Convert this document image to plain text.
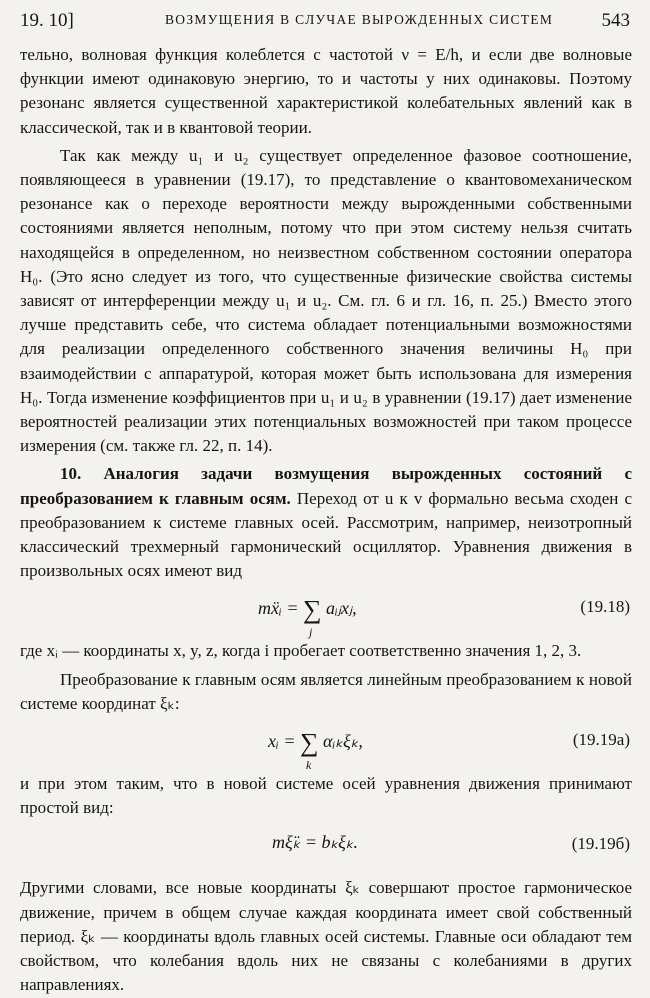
19. 10]	ВОЗМУЩЕНИЯ В СЛУЧАЕ ВЫРОЖДЕННЫХ СИСТЕМ	543

тельно, волновая функция колеблется с частотой ν = E/h, и если две волновые функции имеют одинаковую энергию, то и частоты у них одинаковы. Поэтому резонанс является существенной характеристикой колебательных явлений как в классической, так и в квантовой теории.

Так как между u₁ и u₂ существует определенное фазовое соотношение, появляющееся в уравнении (19.17), то представление о квантовомеханическом резонансе как о переходе вероятности между вырожденными собственными состояниями является неполным, потому что при этом систему нельзя считать находящейся в определенном, но неизвестном собственном состоянии оператора H₀. (Это ясно следует из того, что существенные физические свойства системы зависят от интерференции между u₁ и u₂. См. гл. 6 и гл. 16, п. 25.) Вместо этого лучше представить себе, что система обладает потенциальными возможностями для реализации определенного собственного значения величины H₀ при взаимодействии с аппаратурой, которая может быть использована для измерения H₀. Тогда изменение коэффициентов при u₁ и u₂ в уравнении (19.17) дает изменение вероятностей реализации этих потенциальных возможностей при таком процессе измерения (см. также гл. 22, п. 14).

10. Аналогия задачи возмущения вырожденных состояний с преобразованием к главным осям. Переход от u к v формально весьма сходен с преобразованием к системе главных осей. Рассмотрим, например, неизотропный классический трехмерный гармонический осциллятор. Уравнения движения в произвольных осях имеют вид

mẍᵢ = ∑
j
aᵢⱼxⱼ,	(19.18)

где xᵢ — координаты x, y, z, когда i пробегает соответственно значения 1, 2, 3.

Преобразование к главным осям является линейным преобразованием к новой системе координат ξₖ:

xᵢ = ∑
k
αᵢₖξₖ,	(19.19а)

и при этом таким, что в новой системе осей уравнения движения принимают простой вид:

mξ̈ₖ = bₖξₖ.	(19.19б)

Другими словами, все новые координаты ξₖ совершают простое гармоническое движение, причем в общем случае каждая координата имеет свой собственный период. ξₖ — координаты вдоль главных осей системы. Главные оси обладают тем свойством, что колебания вдоль них не связаны с колебаниями в других направлениях.
